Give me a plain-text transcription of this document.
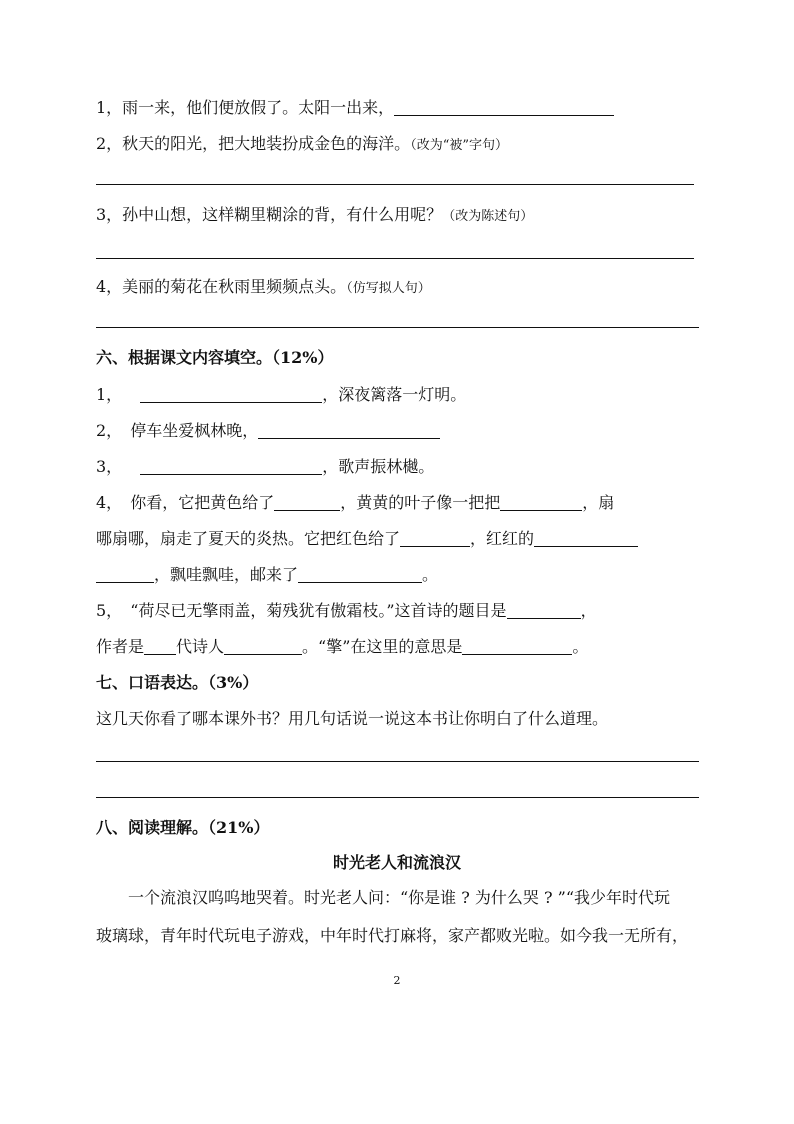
1，雨一来，他们便放假了。太阳一出来，
2，秋天的阳光，把大地装扮成金色的海洋。（改为“被”字句）
3，孙中山想，这样糊里糊涂的背，有什么用呢？（改为陈述句）
4，美丽的菊花在秋雨里频频点头。（仿写拟人句）
六、根据课文内容填空。（12%）
1，	，深夜篱落一灯明。
2， 停车坐爱枫林晚，
3，	，歌声振林樾。
4， 你看，它把黄色给了	，黄黄的叶子像一把把	，扇
哪扇哪，扇走了夏天的炎热。它把红色给了	，红红的
，飘哇飘哇，邮来了	。
5， “荷尽已无擎雨盖，菊残犹有傲霜枝。”这首诗的题目是	，
作者是 代诗人	。“擎”在这里的意思是	。
七、口语表达。（3%）
这几天你看了哪本课外书？用几句话说一说这本书让你明白了什么道理。
八、阅读理解。（21%）
时光老人和流浪汉
一个流浪汉呜呜地哭着。时光老人问：“你是谁 ? 为什么哭 ? ”“我少年时代玩
玻璃球，青年时代玩电子游戏，中年时代打麻将，家产都败光啦。如今我一无所有，
2
